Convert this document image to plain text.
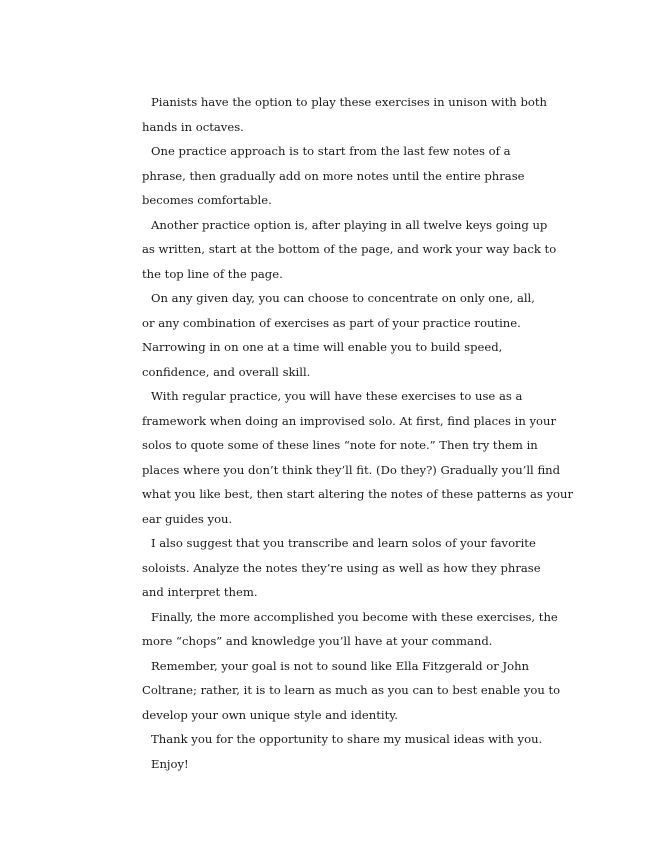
Pianists have the option to play these exercises in unison with both
hands in octaves.
One practice approach is to start from the last few notes of a
phrase, then gradually add on more notes until the entire phrase
becomes comfortable.
Another practice option is, after playing in all twelve keys going up
as written, start at the bottom of the page, and work your way back to
the top line of the page.
On any given day, you can choose to concentrate on only one, all,
or any combination of exercises as part of your practice routine.
Narrowing in on one at a time will enable you to build speed,
confidence, and overall skill.
With regular practice, you will have these exercises to use as a
framework when doing an improvised solo. At first, find places in your
solos to quote some of these lines “note for note.” Then try them in
places where you don’t think they’ll fit. (Do they?) Gradually you’ll find
what you like best, then start altering the notes of these patterns as your
ear guides you.
I also suggest that you transcribe and learn solos of your favorite
soloists. Analyze the notes they’re using as well as how they phrase
and interpret them.
Finally, the more accomplished you become with these exercises, the
more “chops” and knowledge you’ll have at your command.
Remember, your goal is not to sound like Ella Fitzgerald or John
Coltrane; rather, it is to learn as much as you can to best enable you to
develop your own unique style and identity.
Thank you for the opportunity to share my musical ideas with you.
Enjoy!
